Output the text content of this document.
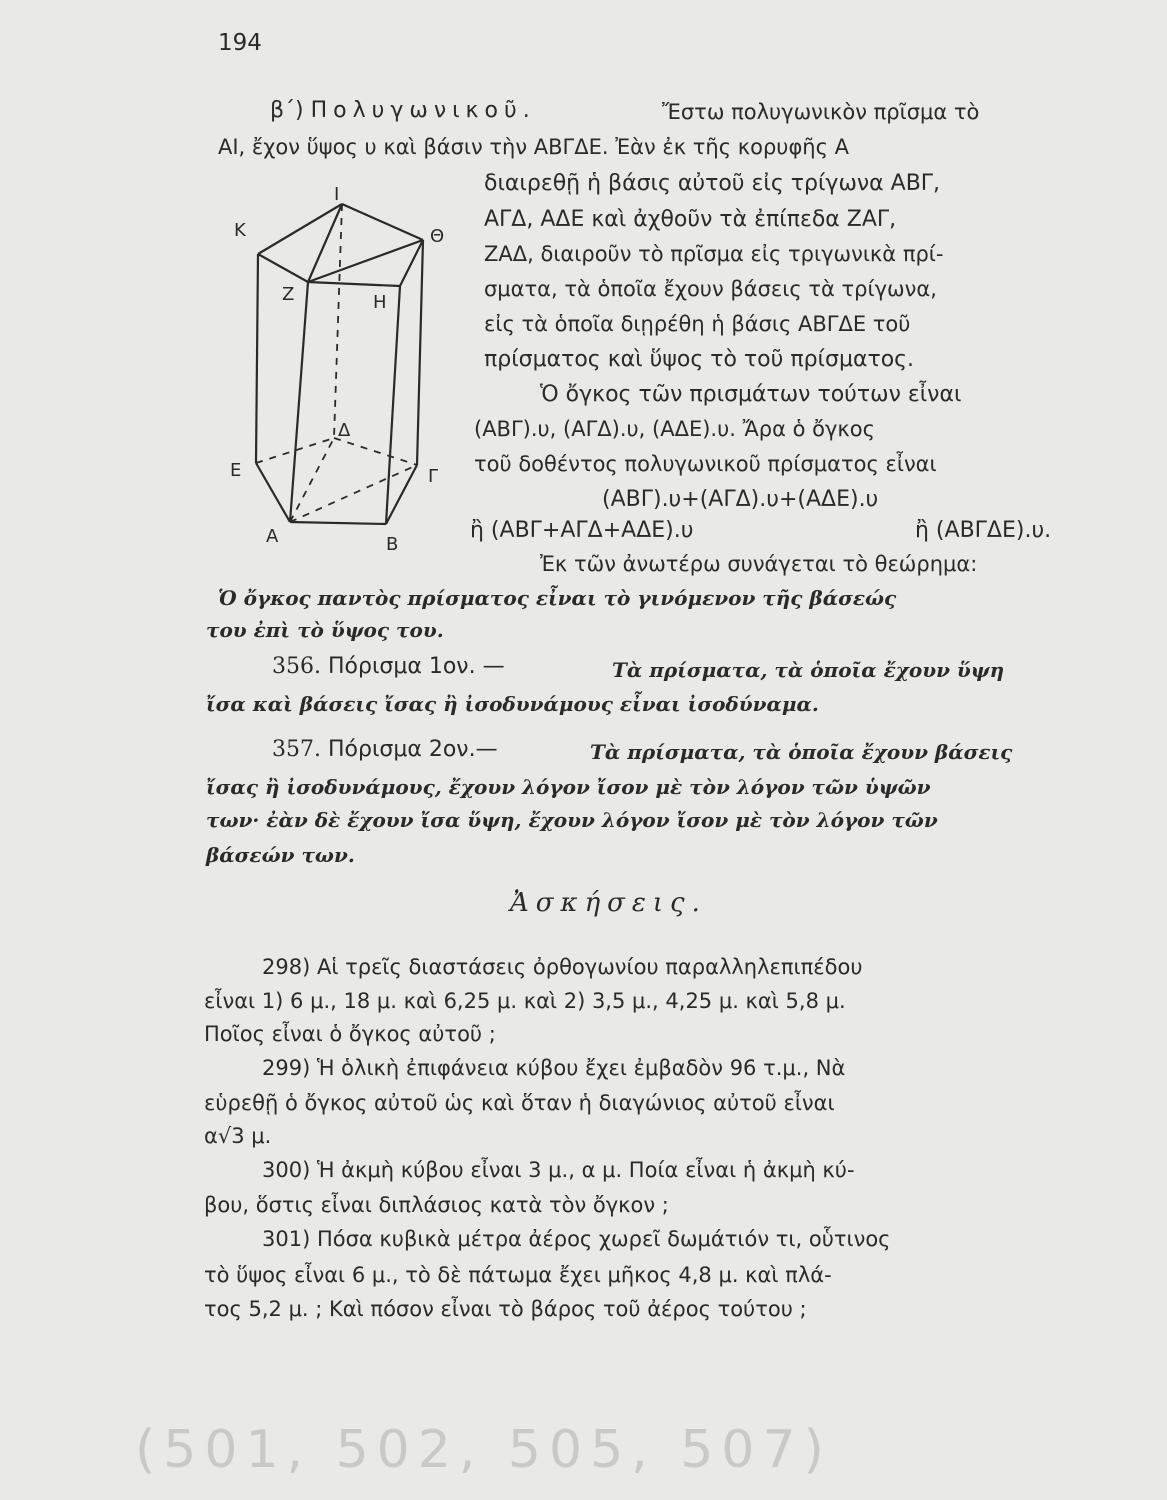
194
β΄) Πολυγωνικοῦ.	Ἔστω πολυγωνικὸν πρῖσμα τὸ
AI, ἔχον ὕψος υ καὶ βάσιν τὴν ΑΒΓΔΕ. Ἐὰν ἐκ τῆς κορυφῆς Α
διαιρεθῇ ἡ βάσις αὐτοῦ εἰς τρίγωνα ΑΒΓ,
ΑΓΔ, ΑΔΕ καὶ ἀχθοῦν τὰ ἐπίπεδα ΖΑΓ,
ΖΑΔ, διαιροῦν τὸ πρῖσμα εἰς τριγωνικὰ πρί-
σματα, τὰ ὁποῖα ἔχουν βάσεις τὰ τρίγωνα,
εἰς τὰ ὁποῖα διῃρέθη ἡ βάσις ΑΒΓΔΕ τοῦ
πρίσματος καὶ ὕψος τὸ τοῦ πρίσματος.
Ὁ ὄγκος τῶν πρισμάτων τούτων εἶναι
(ΑΒΓ).υ, (ΑΓΔ).υ, (ΑΔΕ).υ. Ἄρα ὁ ὄγκος
τοῦ δοθέντος πολυγωνικοῦ πρίσματος εἶναι
(ΑΒΓ).υ+(ΑΓΔ).υ+(ΑΔΕ).υ
ἢ (ΑΒΓ+ΑΓΔ+ΑΔΕ).υ	ἢ (ΑΒΓΔΕ).υ.
Ἐκ τῶν ἀνωτέρω συνάγεται τὸ θεώρημα:
Ὁ ὄγκος παντὸς πρίσματος εἶναι τὸ γινόμενον τῆς βάσεώς
του ἐπὶ τὸ ὕψος του.
Ι
Κ	Θ
Ζ	Η
Δ
Ε	Γ
Α	Β
356. Πόρισμα 1ον. —	Τὰ πρίσματα, τὰ ὁποῖα ἔχουν ὕψη
ἴσα καὶ βάσεις ἴσας ἢ ἰσοδυνάμους εἶναι ἰσοδύναμα.
357. Πόρισμα 2ον.—	Τὰ πρίσματα, τὰ ὁποῖα ἔχουν βάσεις
ἴσας ἢ ἰσοδυνάμους, ἔχουν λόγον ἴσον μὲ τὸν λόγον τῶν ὑψῶν
των· ἐὰν δὲ ἔχουν ἴσα ὕψη, ἔχουν λόγον ἴσον μὲ τὸν λόγον τῶν
βάσεών των.
Ἀσκήσεις.
298) Αἱ τρεῖς διαστάσεις ὀρθογωνίου παραλληλεπιπέδου
εἶναι 1) 6 μ., 18 μ. καὶ 6,25 μ. καὶ 2) 3,5 μ., 4,25 μ. καὶ 5,8 μ.
Ποῖος εἶναι ὁ ὄγκος αὐτοῦ ;
299) Ἡ ὁλικὴ ἐπιφάνεια κύβου ἔχει ἐμβαδὸν 96 τ.μ., Νὰ
εὑρεθῇ ὁ ὄγκος αὐτοῦ ὡς καὶ ὅταν ἡ διαγώνιος αὐτοῦ εἶναι
α√3 μ.
300) Ἡ ἀκμὴ κύβου εἶναι 3 μ., α μ. Ποία εἶναι ἡ ἀκμὴ κύ-
βου, ὅστις εἶναι διπλάσιος κατὰ τὸν ὄγκον ;
301) Πόσα κυβικὰ μέτρα ἀέρος χωρεῖ δωμάτιόν τι, οὗτινος
τὸ ὕψος εἶναι 6 μ., τὸ δὲ πάτωμα ἔχει μῆκος 4,8 μ. καὶ πλά-
τος 5,2 μ. ; Καὶ πόσον εἶναι τὸ βάρος τοῦ ἀέρος τούτου ;
(501, 502, 505, 507)
